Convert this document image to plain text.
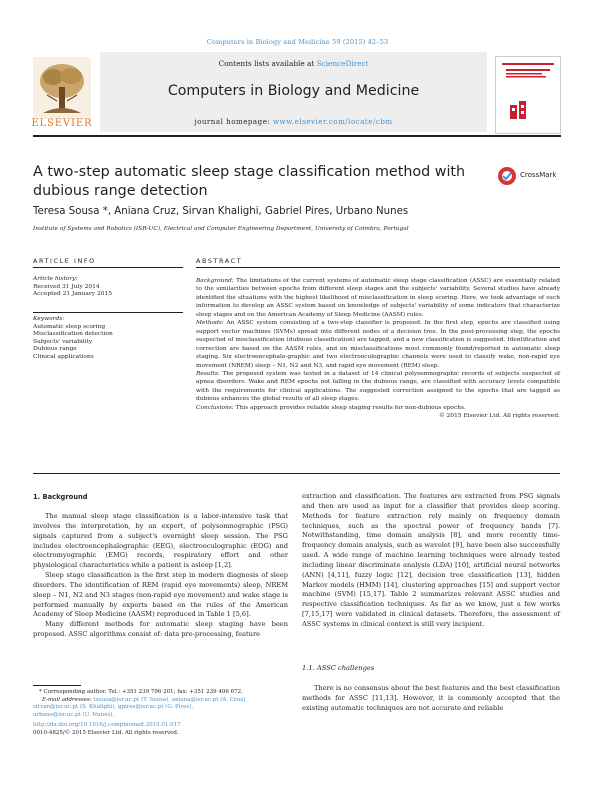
Computers in Biology and Medicine 59 (2015) 42–53
Contents lists available at ScienceDirect
Computers in Biology and Medicine
journal homepage: www.elsevier.com/locate/cbm
ELSEVIER
A two-step automatic sleep stage classification method with dubious range detection
CrossMark
Teresa Sousa *, Aniana Cruz, Sirvan Khalighi, Gabriel Pires, Urbano Nunes
Institute of Systems and Robotics (ISR-UC), Electrical and Computer Engineering Department, University of Coimbra, Portugal
ARTICLE INFO	ABSTRACT
Article history:
Received 31 July 2014
Accepted 21 January 2015
Keywords:
Automatic sleep scoring
Misclassification detection
Subjects' variability
Dubious range
Clinical applications

Background: The limitations of the current systems of automatic sleep stage classification (ASSC) are essentially related to the similarities between epochs from different sleep stages and the subjects' variability. Several studies have already identified the situations with the highest likelihood of misclassification in sleep scoring. Here, we took advantage of such information to develop an ASSC system based on knowledge of subjects' variability of some indicators that characterize sleep stages and on the American Academy of Sleep Medicine (AASM) rules.

Methods: An ASSC system consisting of a two-step classifier is proposed. In the first step, epochs are classified using support vector machines (SVMs) spread into different nodes of a decision tree. In the post-processing step, the epochs suspected of misclassification (dubious classification) are tagged, and a new classification is suggested. Identification and correction are based on the AASM rules, and on misclassifications most commonly found/reported in automatic sleep staging. Six electroencephalo-graphic and two electrooculographic channels were used to classify wake, non-rapid eye movement (NREM) sleep – N1, N2 and N3, and rapid eye movement (REM) sleep.

Results: The proposed system was tested in a dataset of 14 clinical polysomnographic records of subjects suspected of apnea disorders. Wake and REM epochs not falling in the dubious range, are classified with accuracy levels compatible with the requirements for clinical applications. The suggested correction assigned to the epochs that are tagged as dubious enhances the global results of all sleep stages.

Conclusions: This approach provides reliable sleep staging results for non-dubious epochs.

© 2015 Elsevier Ltd. All rights reserved.

1. Background

The manual sleep stage classification is a labor-intensive task that involves the interpretation, by an expert, of polysomnographic (PSG) signals captured from a subject's overnight sleep session. The PSG includes electroencephalographic (EEG), electrooculographic (EOG) and electromyographic (EMG) records, respiratory effort and other physiological characteristics while a patient is asleep [1,2].

Sleep stage classification is the first step in modern diagnosis of sleep disorders. The identification of REM (rapid eye movements) sleep, NREM sleep – N1, N2 and N3 stages (non-rapid eye movement) and wake stage is performed manually by experts based on the rules of the American Academy of Sleep Medicine (AASM) reproduced in Table 1 [5,6].

Many different methods for automatic sleep staging have been proposed. ASSC algorithms consist of: data pre-processing, feature

extraction and classification. The features are extracted from PSG signals and then are used as input for a classifier that provides sleep scoring. Methods for feature extraction rely mainly on frequency domain techniques, such as the spectral power of frequency bands [7]. Notwithstanding, time domain analysis [8], and more recently time-frequency domain analysis, such as wavelet [9], have been also successfully used. A wide range of machine learning techniques were already tested including linear discriminate analysis (LDA) [10], artificial neural networks (ANN) [4,11], fuzzy logic [12], decision tree classification [13], hidden Markov models (HMM) [14], clustering approaches [15] and support vector machine (SVM) [15,17]. Table 2 summarizes relevant ASSC studies and respective classification techniques. As far as we know, just a few works [7,15,17] were validated in clinical datasets. Therefore, the assessment of ASSC systems in clinical context is still very incipient.

1.1. ASSC challenges

There is no consensus about the best features and the best classification methods for ASSC [11,13]. However, it is commonly accepted that the existing automatic techniques are not accurate and reliable

* Corresponding author. Tel.: +351 239 796 201; fax: +351 239 406 672.
E-mail addresses: tsousa@isr.uc.pt (T. Sousa), aniana@isr.uc.pt (A. Cruz),
sirvan@isr.uc.pt (S. Khalighi), gpires@isr.uc.pt (G. Pires),
urbano@isr.uc.pt (U. Nunes).
http://dx.doi.org/10.1016/j.compbiomed.2015.01.017
0010-4825/© 2015 Elsevier Ltd. All rights reserved.
